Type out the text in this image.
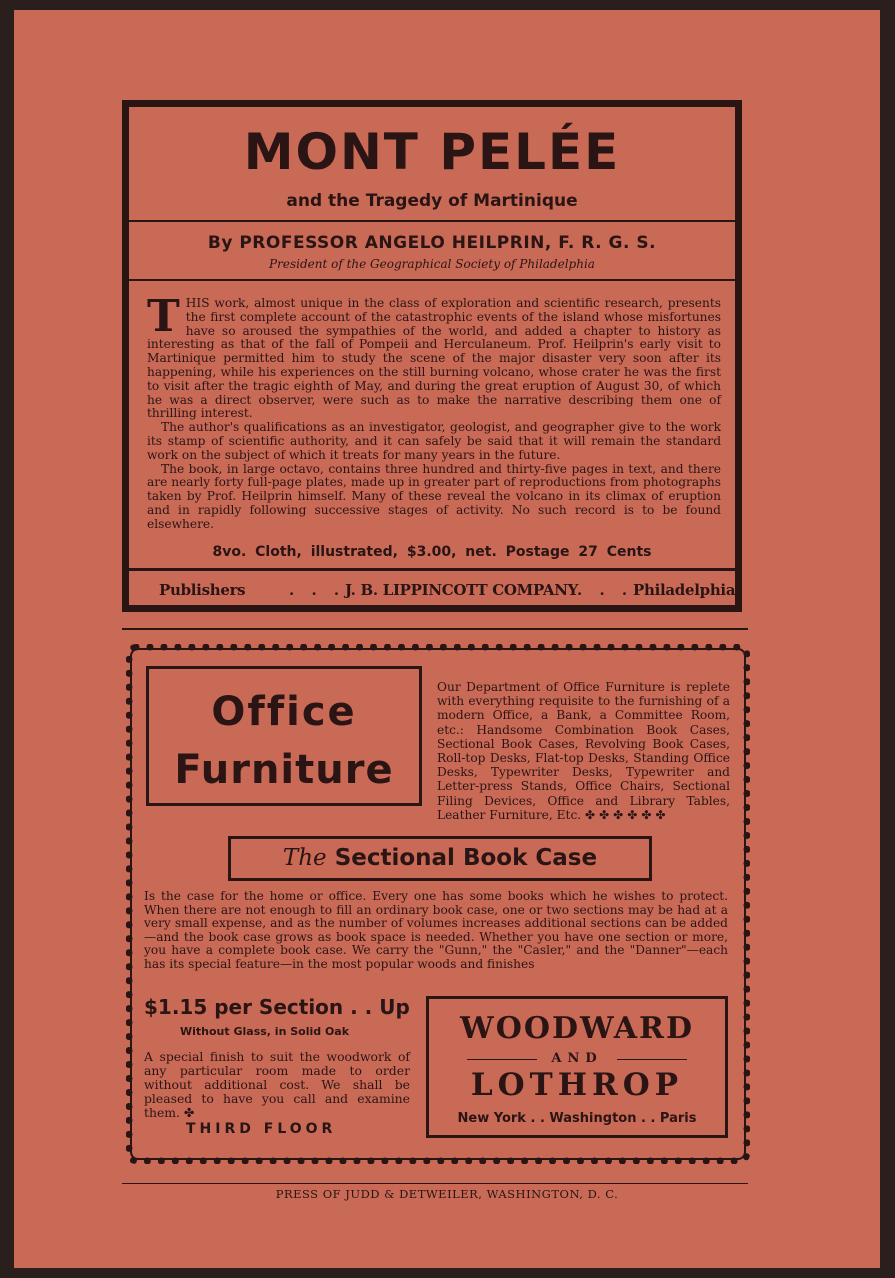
MONT PELÉE
and the Tragedy of Martinique
By PROFESSOR ANGELO HEILPRIN, F. R. G. S.
President of the Geographical Society of Philadelphia

THIS work, almost unique in the class of exploration and scientific research, presents the first complete account of the catastrophic events of the island whose misfortunes have so aroused the sympathies of the world, and added a chapter to history as interesting as that of the fall of Pompeii and Herculaneum. Prof. Heilprin's early visit to Martinique permitted him to study the scene of the major disaster very soon after its happening, while his experiences on the still burning volcano, whose crater he was the first to visit after the tragic eighth of May, and during the great eruption of August 30, of which he was a direct observer, were such as to make the narrative describing them one of thrilling interest.

The author's qualifications as an investigator, geologist, and geographer give to the work its stamp of scientific authority, and it can safely be said that it will remain the standard work on the subject of which it treats for many years in the future.

The book, in large octavo, contains three hundred and thirty-five pages in text, and there are nearly forty full-page plates, made up in greater part of reproductions from photographs taken by Prof. Heilprin himself. Many of these reveal the volcano in its climax of eruption and in rapidly following successive stages of activity. No such record is to be found elsewhere.

8vo. Cloth, illustrated, $3.00, net. Postage 27 Cents
Publishers	. . . J. B. LIPPINCOTT COMPANY
. . . Philadelphia
Office
Furniture
Our Department of Office Furniture is replete with everything requisite to the furnishing of a modern Office, a Bank, a Committee Room, etc.: Handsome Combination Book Cases, Sectional Book Cases, Revolving Book Cases, Roll-top Desks, Flat-top Desks, Standing Office Desks, Typewriter Desks, Typewriter and Letter-press Stands, Office Chairs, Sectional Filing Devices, Office and Library Tables, Leather Furniture, Etc. ✤ ✤ ✤ ✤ ✤ ✤
The Sectional Book Case
Is the case for the home or office. Every one has some books which he wishes to protect. When there are not enough to fill an ordinary book case, one or two sections may be had at a very small expense, and as the number of volumes increases additional sections can be added—and the book case grows as book space is needed. Whether you have one section or more, you have a complete book case. We carry the "Gunn," the "Casler," and the "Danner"—each has its special feature—in the most popular woods and finishes
$1.15 per Section . . Up
Without Glass, in Solid Oak
A special finish to suit the woodwork of any particular room made to order without additional cost. We shall be pleased to have you call and examine them. ✤
THIRD FLOOR
WOODWARD
AND
LOTHROP
New York . . Washington . . Paris
PRESS OF JUDD & DETWEILER, WASHINGTON, D. C.
